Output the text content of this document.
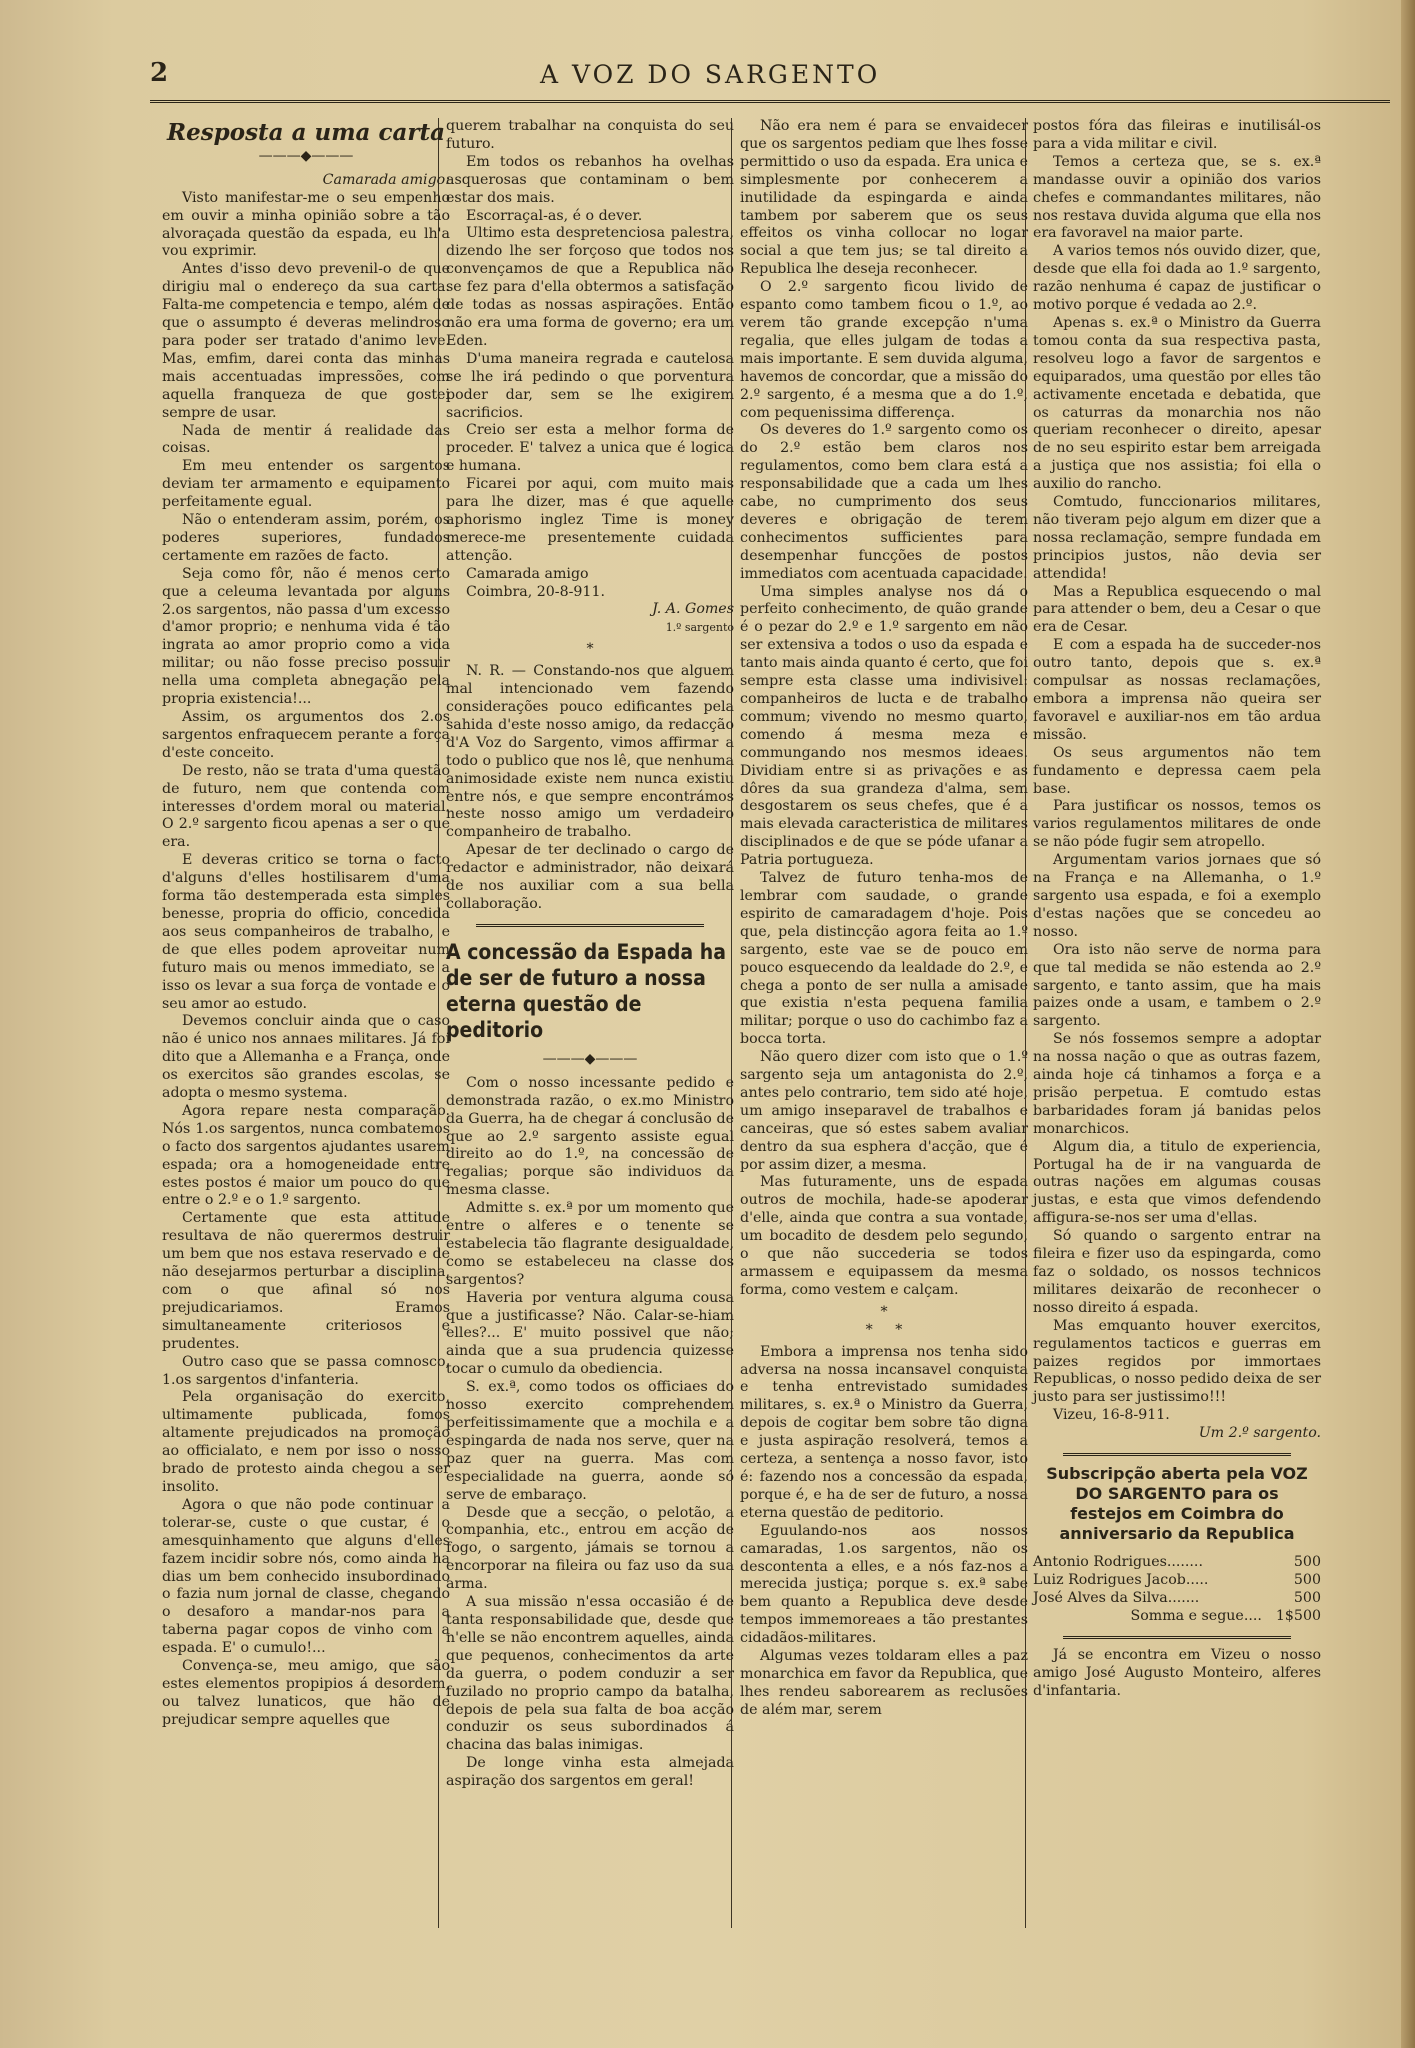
2	A VOZ DO SARGENTO
Resposta a uma carta
———◆———

Camarada amigo:

Visto manifestar-me o seu empenho em ouvir a minha opinião sobre a tão alvoraçada questão da espada, eu lh'a vou exprimir.

Antes d'isso devo prevenil-o de que dirigiu mal o endereço da sua carta. Falta-me competencia e tempo, além de que o assumpto é deveras melindroso para poder ser tratado d'animo leve. Mas, emfim, darei conta das minhas mais accentuadas impressões, com aquella franqueza de que gostei sempre de usar.

Nada de mentir á realidade das coisas.

Em meu entender os sargentos deviam ter armamento e equipamento perfeitamente egual.

Não o entenderam assim, porém, os poderes superiores, fundados certamente em razões de facto.

Seja como fôr, não é menos certo que a celeuma levantada por alguns 2.os sargentos, não passa d'um excesso d'amor proprio; e nenhuma vida é tão ingrata ao amor proprio como a vida militar; ou não fosse preciso possuir nella uma completa abnegação pela propria existencia!...

Assim, os argumentos dos 2.os sargentos enfraquecem perante a força d'este conceito.

De resto, não se trata d'uma questão de futuro, nem que contenda com interesses d'ordem moral ou material. O 2.º sargento ficou apenas a ser o que era.

E deveras critico se torna o facto d'alguns d'elles hostilisarem d'uma forma tão destemperada esta simples benesse, propria do officio, concedida aos seus companheiros de trabalho, e de que elles podem aproveitar num futuro mais ou menos immediato, se a isso os levar a sua força de vontade e o seu amor ao estudo.

Devemos concluir ainda que o caso não é unico nos annaes militares. Já foi dito que a Allemanha e a França, onde os exercitos são grandes escolas, se adopta o mesmo systema.

Agora repare nesta comparação. Nós 1.os sargentos, nunca combatemos o facto dos sargentos ajudantes usarem espada; ora a homogeneidade entre estes postos é maior um pouco do que entre o 2.º e o 1.º sargento.

Certamente que esta attitude resultava de não querermos destruir um bem que nos estava reservado e de não desejarmos perturbar a disciplina, com o que afinal só nos prejudicariamos. Eramos simultaneamente criteriosos e prudentes.

Outro caso que se passa comnosco, 1.os sargentos d'infanteria.

Pela organisação do exercito, ultimamente publicada, fomos altamente prejudicados na promoção ao officialato, e nem por isso o nosso brado de protesto ainda chegou a ser insolito.

Agora o que não pode continuar a tolerar-se, custe o que custar, é o amesquinhamento que alguns d'elles fazem incidir sobre nós, como ainda ha dias um bem conhecido insubordinado o fazia num jornal de classe, chegando o desaforo a mandar-nos para a taberna pagar copos de vinho com a espada. E' o cumulo!...

Convença-se, meu amigo, que são estes elementos propipios á desordem, ou talvez lunaticos, que hão de prejudicar sempre aquelles que

querem trabalhar na conquista do seu futuro.

Em todos os rebanhos ha ovelhas asquerosas que contaminam o bem estar dos mais.

Escorraçal-as, é o dever.

Ultimo esta despretenciosa palestra, dizendo lhe ser forçoso que todos nos convençamos de que a Republica não se fez para d'ella obtermos a satisfação de todas as nossas aspirações. Então não era uma forma de governo; era um Eden.

D'uma maneira regrada e cautelosa se lhe irá pedindo o que porventura poder dar, sem se lhe exigirem sacrificios.

Creio ser esta a melhor forma de proceder. E' talvez a unica que é logica e humana.

Ficarei por aqui, com muito mais para lhe dizer, mas é que aquelle aphorismo inglez Time is money merece-me presentemente cuidada attenção.

Camarada amigo

Coimbra, 20-8-911.

J. A. Gomes

1.º sargento

*

N. R. — Constando-nos que alguem mal intencionado vem fazendo considerações pouco edificantes pela sahida d'este nosso amigo, da redacção d'A Voz do Sargento, vimos affirmar a todo o publico que nos lê, que nenhuma animosidade existe nem nunca existiu entre nós, e que sempre encontrámos neste nosso amigo um verdadeiro companheiro de trabalho.

Apesar de ter declinado o cargo de redactor e administrador, não deixará de nos auxiliar com a sua bella collaboração.

A concessão da Espada ha de ser de futuro a nossa eterna questão de peditorio
———◆———

Com o nosso incessante pedido e demonstrada razão, o ex.mo Ministro da Guerra, ha de chegar á conclusão de que ao 2.º sargento assiste egual direito ao do 1.º, na concessão de regalias; porque são individuos da mesma classe.

Admitte s. ex.ª por um momento que entre o alferes e o tenente se estabelecia tão flagrante desigualdade, como se estabeleceu na classe dos sargentos?

Haveria por ventura alguma cousa que a justificasse? Não. Calar-se-hiam elles?... E' muito possivel que não; ainda que a sua prudencia quizesse tocar o cumulo da obediencia.

S. ex.ª, como todos os officiaes do nosso exercito comprehendem perfeitissimamente que a mochila e a espingarda de nada nos serve, quer na paz quer na guerra. Mas com especialidade na guerra, aonde só serve de embaraço.

Desde que a secção, o pelotão, a companhia, etc., entrou em acção de fogo, o sargento, jámais se tornou a encorporar na fileira ou faz uso da sua arma.

A sua missão n'essa occasião é de tanta responsabilidade que, desde que n'elle se não encontrem aquelles, ainda que pequenos, conhecimentos da arte da guerra, o podem conduzir a ser fuzilado no proprio campo da batalha, depois de pela sua falta de boa acção conduzir os seus subordinados á chacina das balas inimigas.

De longe vinha esta almejada aspiração dos sargentos em geral!

Não era nem é para se envaidecer que os sargentos pediam que lhes fosse permittido o uso da espada. Era unica e simplesmente por conhecerem a inutilidade da espingarda e ainda tambem por saberem que os seus effeitos os vinha collocar no logar social a que tem jus; se tal direito a Republica lhe deseja reconhecer.

O 2.º sargento ficou livido de espanto como tambem ficou o 1.º, ao verem tão grande excepção n'uma regalia, que elles julgam de todas a mais importante. E sem duvida alguma, havemos de concordar, que a missão do 2.º sargento, é a mesma que a do 1.º, com pequenissima differença.

Os deveres do 1.º sargento como os do 2.º estão bem claros nos regulamentos, como bem clara está a responsabilidade que a cada um lhes cabe, no cumprimento dos seus deveres e obrigação de terem conhecimentos sufficientes para desempenhar funcções de postos immediatos com acentuada capacidade.

Uma simples analyse nos dá o perfeito conhecimento, de quão grande é o pezar do 2.º e 1.º sargento em não ser extensiva a todos o uso da espada e tanto mais ainda quanto é certo, que foi sempre esta classe uma indivisivel: companheiros de lucta e de trabalho commum; vivendo no mesmo quarto, comendo á mesma meza e commungando nos mesmos ideaes. Dividiam entre si as privações e as dôres da sua grandeza d'alma, sem desgostarem os seus chefes, que é a mais elevada caracteristica de militares disciplinados e de que se póde ufanar a Patria portugueza.

Talvez de futuro tenha-mos de lembrar com saudade, o grande espirito de camaradagem d'hoje. Pois que, pela distincção agora feita ao 1.º sargento, este vae se de pouco em pouco esquecendo da lealdade do 2.º, e chega a ponto de ser nulla a amisade que existia n'esta pequena familia militar; porque o uso do cachimbo faz a bocca torta.

Não quero dizer com isto que o 1.º sargento seja um antagonista do 2.º, antes pelo contrario, tem sido até hoje, um amigo inseparavel de trabalhos e canceiras, que só estes sabem avaliar dentro da sua esphera d'acção, que é por assim dizer, a mesma.

Mas futuramente, uns de espada outros de mochila, hade-se apoderar d'elle, ainda que contra a sua vontade, um bocadito de desdem pelo segundo, o que não succederia se todos armassem e equipassem da mesma forma, como vestem e calçam.

*
*     *

Embora a imprensa nos tenha sido adversa na nossa incansavel conquista e tenha entrevistado sumidades militares, s. ex.ª o Ministro da Guerra, depois de cogitar bem sobre tão digna e justa aspiração resolverá, temos a certeza, a sentença a nosso favor, isto é: fazendo nos a concessão da espada, porque é, e ha de ser de futuro, a nossa eterna questão de peditorio.

Eguulando-nos aos nossos camaradas, 1.os sargentos, não os descontenta a elles, e a nós faz-nos a merecida justiça; porque s. ex.ª sabe bem quanto a Republica deve desde tempos immemoreaes a tão prestantes cidadãos-militares.

Algumas vezes toldaram elles a paz monarchica em favor da Republica, que lhes rendeu saborearem as reclusões de além mar, serem

postos fóra das fileiras e inutilisál-os para a vida militar e civil.

Temos a certeza que, se s. ex.ª mandasse ouvir a opinião dos varios chefes e commandantes militares, não nos restava duvida alguma que ella nos era favoravel na maior parte.

A varios temos nós ouvido dizer, que, desde que ella foi dada ao 1.º sargento, razão nenhuma é capaz de justificar o motivo porque é vedada ao 2.º.

Apenas s. ex.ª o Ministro da Guerra tomou conta da sua respectiva pasta, resolveu logo a favor de sargentos e equiparados, uma questão por elles tão activamente encetada e debatida, que os caturras da monarchia nos não queriam reconhecer o direito, apesar de no seu espirito estar bem arreigada a justiça que nos assistia; foi ella o auxilio do rancho.

Comtudo, funccionarios militares, não tiveram pejo algum em dizer que a nossa reclamação, sempre fundada em principios justos, não devia ser attendida!

Mas a Republica esquecendo o mal para attender o bem, deu a Cesar o que era de Cesar.

E com a espada ha de succeder-nos outro tanto, depois que s. ex.ª compulsar as nossas reclamações, embora a imprensa não queira ser favoravel e auxiliar-nos em tão ardua missão.

Os seus argumentos não tem fundamento e depressa caem pela base.

Para justificar os nossos, temos os varios regulamentos militares de onde se não póde fugir sem atropello.

Argumentam varios jornaes que só na França e na Allemanha, o 1.º sargento usa espada, e foi a exemplo d'estas nações que se concedeu ao nosso.

Ora isto não serve de norma para que tal medida se não estenda ao 2.º sargento, e tanto assim, que ha mais paizes onde a usam, e tambem o 2.º sargento.

Se nós fossemos sempre a adoptar na nossa nação o que as outras fazem, ainda hoje cá tinhamos a força e a prisão perpetua. E comtudo estas barbaridades foram já banidas pelos monarchicos.

Algum dia, a titulo de experiencia, Portugal ha de ir na vanguarda de outras nações em algumas cousas justas, e esta que vimos defendendo affigura-se-nos ser uma d'ellas.

Só quando o sargento entrar na fileira e fizer uso da espingarda, como faz o soldado, os nossos technicos militares deixarão de reconhecer o nosso direito á espada.

Mas emquanto houver exercitos, regulamentos tacticos e guerras em paizes regidos por immortaes Republicas, o nosso pedido deixa de ser justo para ser justissimo!!!

Vizeu, 16-8-911.

Um 2.º sargento.

Subscripção aberta pela VOZ DO SARGENTO para os festejos em Coimbra do anniversario da Republica
Antonio Rodrigues........	500
Luiz Rodrigues Jacob.....	500
José Alves da Silva.......	500
Somma e segue.... 1$500

Já se encontra em Vizeu o nosso amigo José Augusto Monteiro, alferes d'infantaria.
